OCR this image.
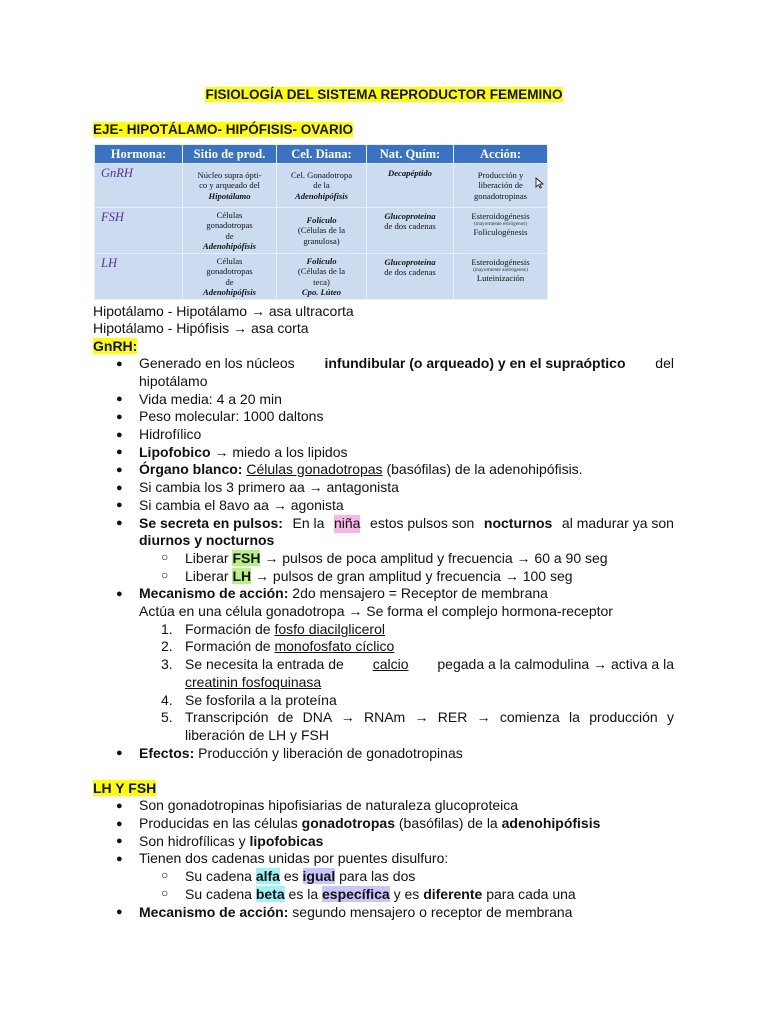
FISIOLOGÍA DEL SISTEMA REPRODUCTOR FEMEMINO
EJE- HIPOTÁLAMO- HIPÓFISIS- OVARIO
Hormona:	Sitio de prod.	Cel. Diana:	Nat. Quím:	Acción:
GnRH	Núcleo supra ópti-
co y arqueado del
Hipotálamo	Cel. Gonadotropa
de la
Adenohipófisis	Decapéptido	Producción y
liberación de
gonadotropinas
FSH	Células
gonadotropas
de
Adenohipófisis	Folículo
(Células de la
granulosa)	Glucoproteína
de dos cadenas	Esteroidogénesis
(mayormente estrógenos)
Foliculogénesis
LH	Células
gonadotropas
de
Adenohipófisis	Folículo
(Células de la
teca)
Cpo. Lúteo	Glucoproteína
de dos cadenas	Esteroidogénesis
(mayormente andrógenos)
Luteinización
Hipotálamo - Hipotálamo → asa ultracorta
Hipotálamo - Hipófisis → asa corta
GnRH:
● Generado en los núcleos infundibular (o arqueado) y en el supraóptico del
hipotálamo
● Vida media: 4 a 20 min
● Peso molecular: 1000 daltons
● Hidrofílico
● Lipofobico → miedo a los lipidos
● Órgano blanco: Células gonadotropas (basófilas) de la adenohipófisis.
● Si cambia los 3 primero aa → antagonista
● Si cambia el 8avo aa → agonista
● Se secreta en pulsos: En la niña estos pulsos son nocturnos al madurar ya son
diurnos y nocturnos
○ Liberar FSH → pulsos de poca amplitud y frecuencia → 60 a 90 seg
○ Liberar LH → pulsos de gran amplitud y frecuencia → 100 seg
● Mecanismo de acción: 2do mensajero = Receptor de membrana
Actúa en una célula gonadotropa → Se forma el complejo hormona-receptor
1. Formación de fosfo diacilglicerol
2. Formación de monofosfato cíclico
3. Se necesita la entrada de calcio pegada a la calmodulina → activa a la
creatinin fosfoquinasa
4. Se fosforila a la proteína
5. Transcripción de DNA → RNAm → RER → comienza la producción y
liberación de LH y FSH
● Efectos: Producción y liberación de gonadotropinas
LH Y FSH
● Son gonadotropinas hipofisiarias de naturaleza glucoproteica
● Producidas en las células gonadotropas (basófilas) de la adenohipófisis
● Son hidrofílicas y lipofobicas
● Tienen dos cadenas unidas por puentes disulfuro:
○ Su cadena alfa es igual para las dos
○ Su cadena beta es la específica y es diferente para cada una
● Mecanismo de acción: segundo mensajero o receptor de membrana
